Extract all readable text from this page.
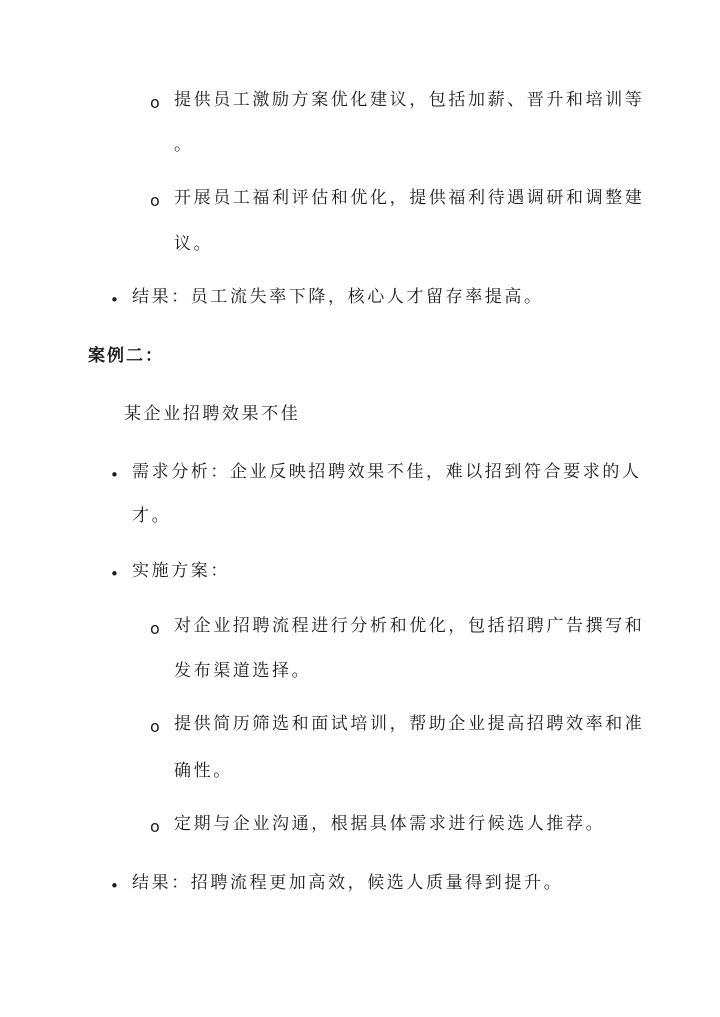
o 提供员工激励方案优化建议，包括加薪、晋升和培训等

。

o 开展员工福利评估和优化，提供福利待遇调研和调整建

议。

• 结果：员工流失率下降，核心人才留存率提高。

案例二：

某企业招聘效果不佳

• 需求分析：企业反映招聘效果不佳，难以招到符合要求的人

才。

• 实施方案：

o 对企业招聘流程进行分析和优化，包括招聘广告撰写和

发布渠道选择。

o 提供简历筛选和面试培训，帮助企业提高招聘效率和准

确性。

o 定期与企业沟通，根据具体需求进行候选人推荐。

• 结果：招聘流程更加高效，候选人质量得到提升。
